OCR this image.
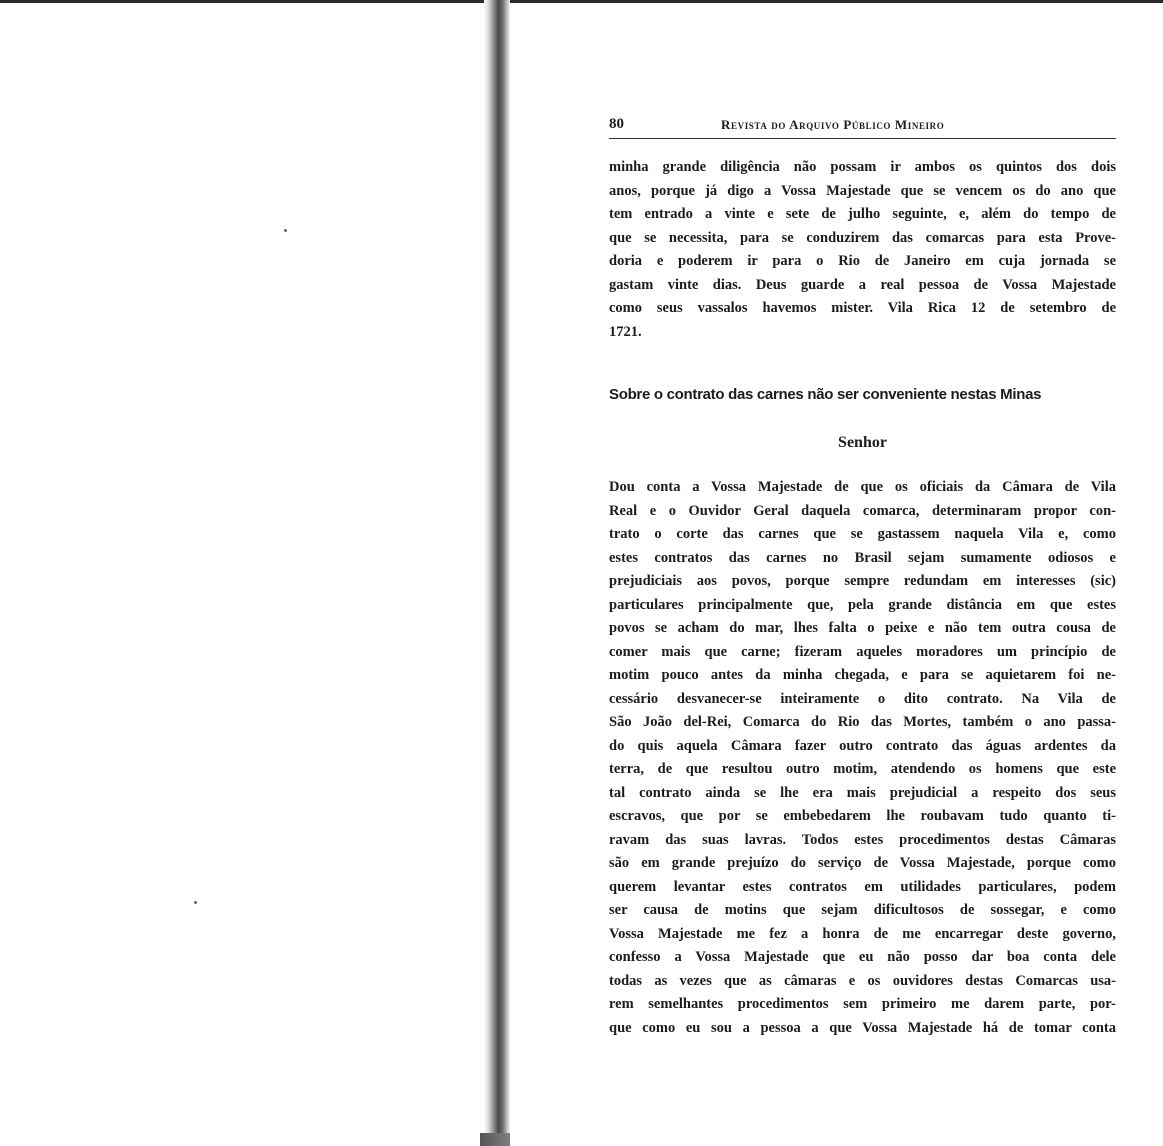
80	Revista do Arquivo Público Mineiro
minha grande diligência não possam ir ambos os quintos dos dois
anos, porque já digo a Vossa Majestade que se vencem os do ano que
tem entrado a vinte e sete de julho seguinte, e, além do tempo de
que se necessita, para se conduzirem das comarcas para esta Prove-
doria e poderem ir para o Rio de Janeiro em cuja jornada se
gastam vinte dias. Deus guarde a real pessoa de Vossa Majestade
como seus vassalos havemos mister. Vila Rica 12 de setembro de
1721.
Sobre o contrato das carnes não ser conveniente nestas Minas
Senhor
Dou conta a Vossa Majestade de que os oficiais da Câmara de Vila
Real e o Ouvidor Geral daquela comarca, determinaram propor con-
trato o corte das carnes que se gastassem naquela Vila e, como
estes contratos das carnes no Brasil sejam sumamente odiosos e
prejudiciais aos povos, porque sempre redundam em interesses (sic)
particulares principalmente que, pela grande distância em que estes
povos se acham do mar, lhes falta o peixe e não tem outra cousa de
comer mais que carne; fizeram aqueles moradores um princípio de
motim pouco antes da minha chegada, e para se aquietarem foi ne-
cessário desvanecer-se inteiramente o dito contrato. Na Vila de
São João del-Rei, Comarca do Rio das Mortes, também o ano passa-
do quis aquela Câmara fazer outro contrato das águas ardentes da
terra, de que resultou outro motim, atendendo os homens que este
tal contrato ainda se lhe era mais prejudicial a respeito dos seus
escravos, que por se embebedarem lhe roubavam tudo quanto ti-
ravam das suas lavras. Todos estes procedimentos destas Câmaras
são em grande prejuízo do serviço de Vossa Majestade, porque como
querem levantar estes contratos em utilidades particulares, podem
ser causa de motins que sejam dificultosos de sossegar, e como
Vossa Majestade me fez a honra de me encarregar deste governo,
confesso a Vossa Majestade que eu não posso dar boa conta dele
todas as vezes que as câmaras e os ouvidores destas Comarcas usa-
rem semelhantes procedimentos sem primeiro me darem parte, por-
que como eu sou a pessoa a que Vossa Majestade há de tomar conta
